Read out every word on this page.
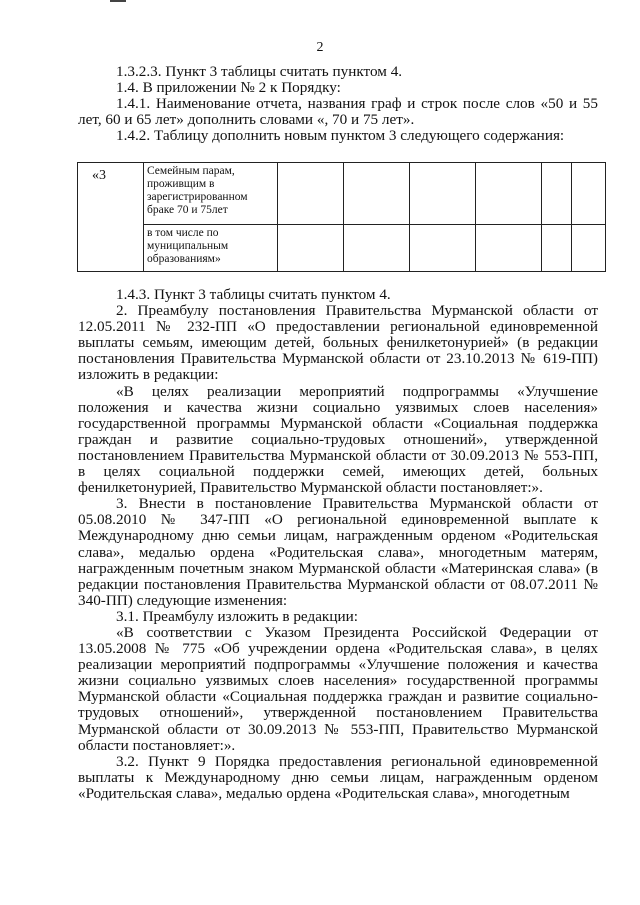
2

1.3.2.3. Пункт 3 таблицы считать пунктом 4.

1.4. В приложении № 2 к Порядку:

1.4.1. Наименование отчета, названия граф и строк после слов «50 и 55 лет, 60 и 65 лет» дополнить словами «, 70 и 75 лет».

1.4.2. Таблицу дополнить новым пунктом 3 следующего содержания:

«3	Семейным парам, проживщим в зарегистрированном браке 70 и 75лет						
	в том числе по муниципальным образованиям»						

1.4.3. Пункт 3 таблицы считать пунктом 4.

2. Преамбулу постановления Правительства Мурманской области от 12.05.2011 № 232-ПП «О предоставлении региональной единовременной выплаты семьям, имеющим детей, больных фенилкетонурией» (в редакции постановления Правительства Мурманской области от 23.10.2013 № 619-ПП) изложить в редакции:

«В целях реализации мероприятий подпрограммы «Улучшение положения и качества жизни социально уязвимых слоев населения» государственной программы Мурманской области «Социальная поддержка граждан и развитие социально-трудовых отношений», утвержденной постановлением Правительства Мурманской области от 30.09.2013 № 553-ПП, в целях социальной поддержки семей, имеющих детей, больных фенилкетонурией, Правительство Мурманской области постановляет:».

3. Внести в постановление Правительства Мурманской области от 05.08.2010 № 347-ПП «О региональной единовременной выплате к Международному дню семьи лицам, награжденным орденом «Родительская слава», медалью ордена «Родительская слава», многодетным матерям, награжденным почетным знаком Мурманской области «Материнская слава» (в редакции постановления Правительства Мурманской области от 08.07.2011 № 340-ПП) следующие изменения:

3.1. Преамбулу изложить в редакции:

«В соответствии с Указом Президента Российской Федерации от 13.05.2008 № 775 «Об учреждении ордена «Родительская слава», в целях реализации мероприятий подпрограммы «Улучшение положения и качества жизни социально уязвимых слоев населения» государственной программы Мурманской области «Социальная поддержка граждан и развитие социально-трудовых отношений», утвержденной постановлением Правительства Мурманской области от 30.09.2013 № 553-ПП, Правительство Мурманской области постановляет:».

3.2. Пункт 9 Порядка предоставления региональной единовременной выплаты к Международному дню семьи лицам, награжденным орденом «Родительская слава», медалью ордена «Родительская слава», многодетным
